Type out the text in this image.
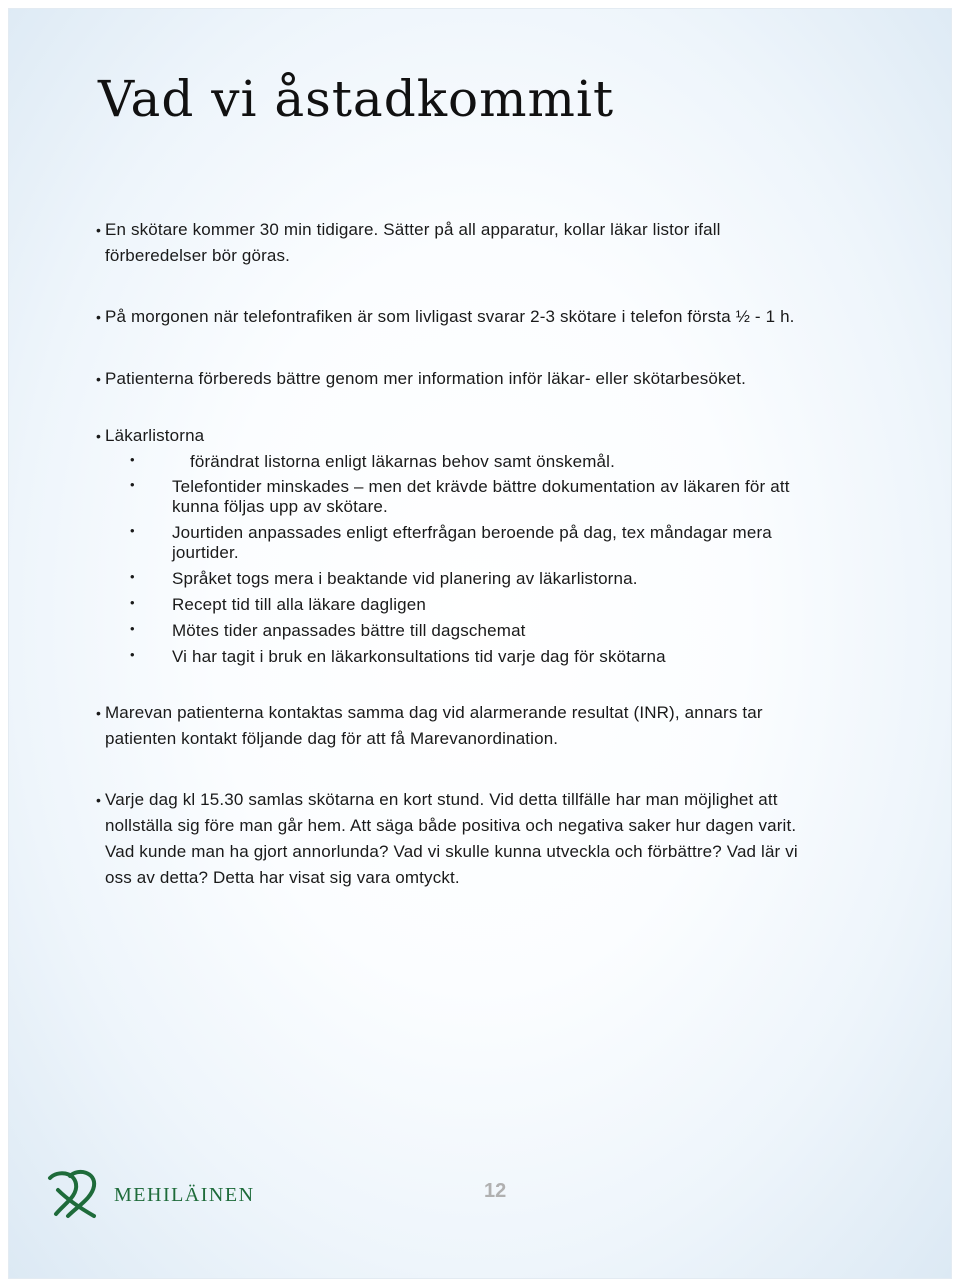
Vad vi åstadkommit
• En skötare kommer 30 min tidigare. Sätter på all apparatur, kollar läkar listor ifall
förberedelser bör göras.
• På morgonen när telefontrafiken är som livligast svarar 2-3 skötare i telefon första ½ - 1 h.
• Patienterna förbereds bättre genom mer information inför läkar- eller skötarbesöket.
• Läkarlistorna
•	förändrat listorna enligt läkarnas behov samt önskemål.
• Telefontider minskades – men det krävde bättre dokumentation av läkaren för att
kunna följas upp av skötare.
• Jourtiden anpassades enligt efterfrågan beroende på dag, tex måndagar mera
jourtider.
• Språket togs mera i beaktande vid planering av läkarlistorna.
• Recept tid till alla läkare dagligen
• Mötes tider anpassades bättre till dagschemat
• Vi har tagit i bruk en läkarkonsultations tid varje dag för skötarna
• Marevan patienterna kontaktas samma dag vid alarmerande resultat (INR), annars tar
patienten kontakt följande dag för att få Marevanordination.
• Varje dag kl 15.30 samlas skötarna en kort stund. Vid detta tillfälle har man möjlighet att
nollställa sig före man går hem. Att säga både positiva och negativa saker hur dagen varit.
Vad kunde man ha gjort annorlunda? Vad vi skulle kunna utveckla och förbättre? Vad lär vi
oss av detta? Detta har visat sig vara omtyckt.
MEHILÄINEN	12
